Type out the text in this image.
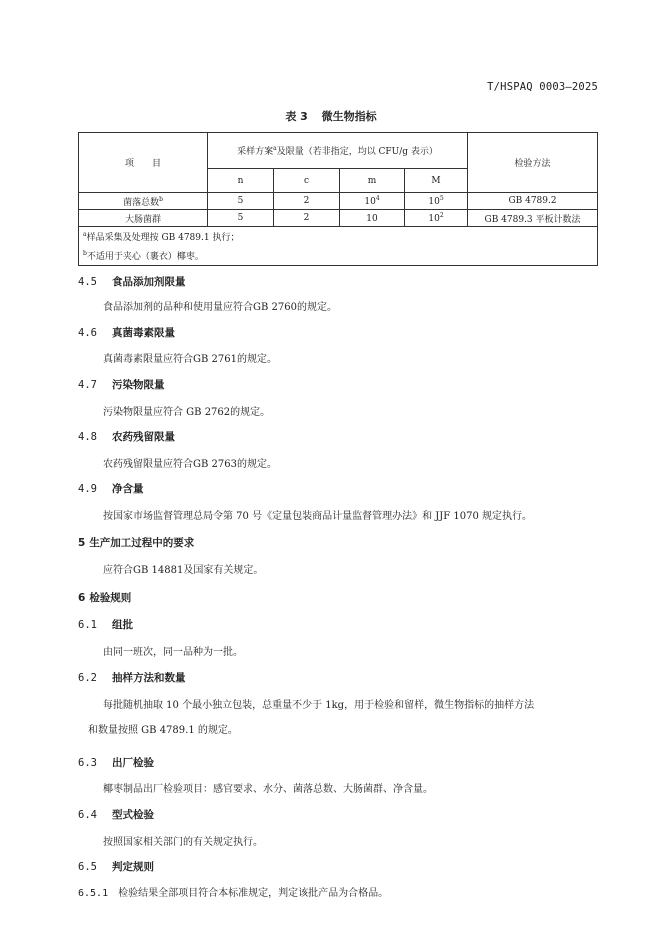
T/HSPAQ 0003—2025
表 3 微生物指标
项　　目	采样方案$^a$及限量（若非指定，均以 CFU/g 表示）				检验方法
	n	c	m	M	
菌落总数$^b$	5	2	$10^4$	$10^5$	GB 4789.2
大肠菌群	5	2	10	$10^2$	GB 4789.3 平板计数法

$^a$样品采集及处理按 GB 4789.1 执行；
$^b$不适用于夹心（裹衣）椰枣。					
4.5 食品添加剂限量
食品添加剂的品种和使用量应符合GB 2760的规定。
4.6 真菌毒素限量
真菌毒素限量应符合GB 2761的规定。
4.7 污染物限量
污染物限量应符合 GB 2762的规定。
4.8 农药残留限量
农药残留限量应符合GB 2763的规定。
4.9 净含量
按国家市场监督管理总局令第 70 号《定量包装商品计量监督管理办法》和 JJF 1070 规定执行。
5 生产加工过程中的要求
应符合GB 14881及国家有关规定。
6 检验规则
6.1 组批
由同一班次，同一品种为一批。
6.2 抽样方法和数量
每批随机抽取 10 个最小独立包装，总重量不少于 1kg，用于检验和留样，微生物指标的抽样方法
和数量按照 GB 4789.1 的规定。
6.3 出厂检验
椰枣制品出厂检验项目：感官要求、水分、菌落总数、大肠菌群、净含量。
6.4 型式检验
按照国家相关部门的有关规定执行。
6.5 判定规则
6.5.1 检验结果全部项目符合本标准规定，判定该批产品为合格品。
